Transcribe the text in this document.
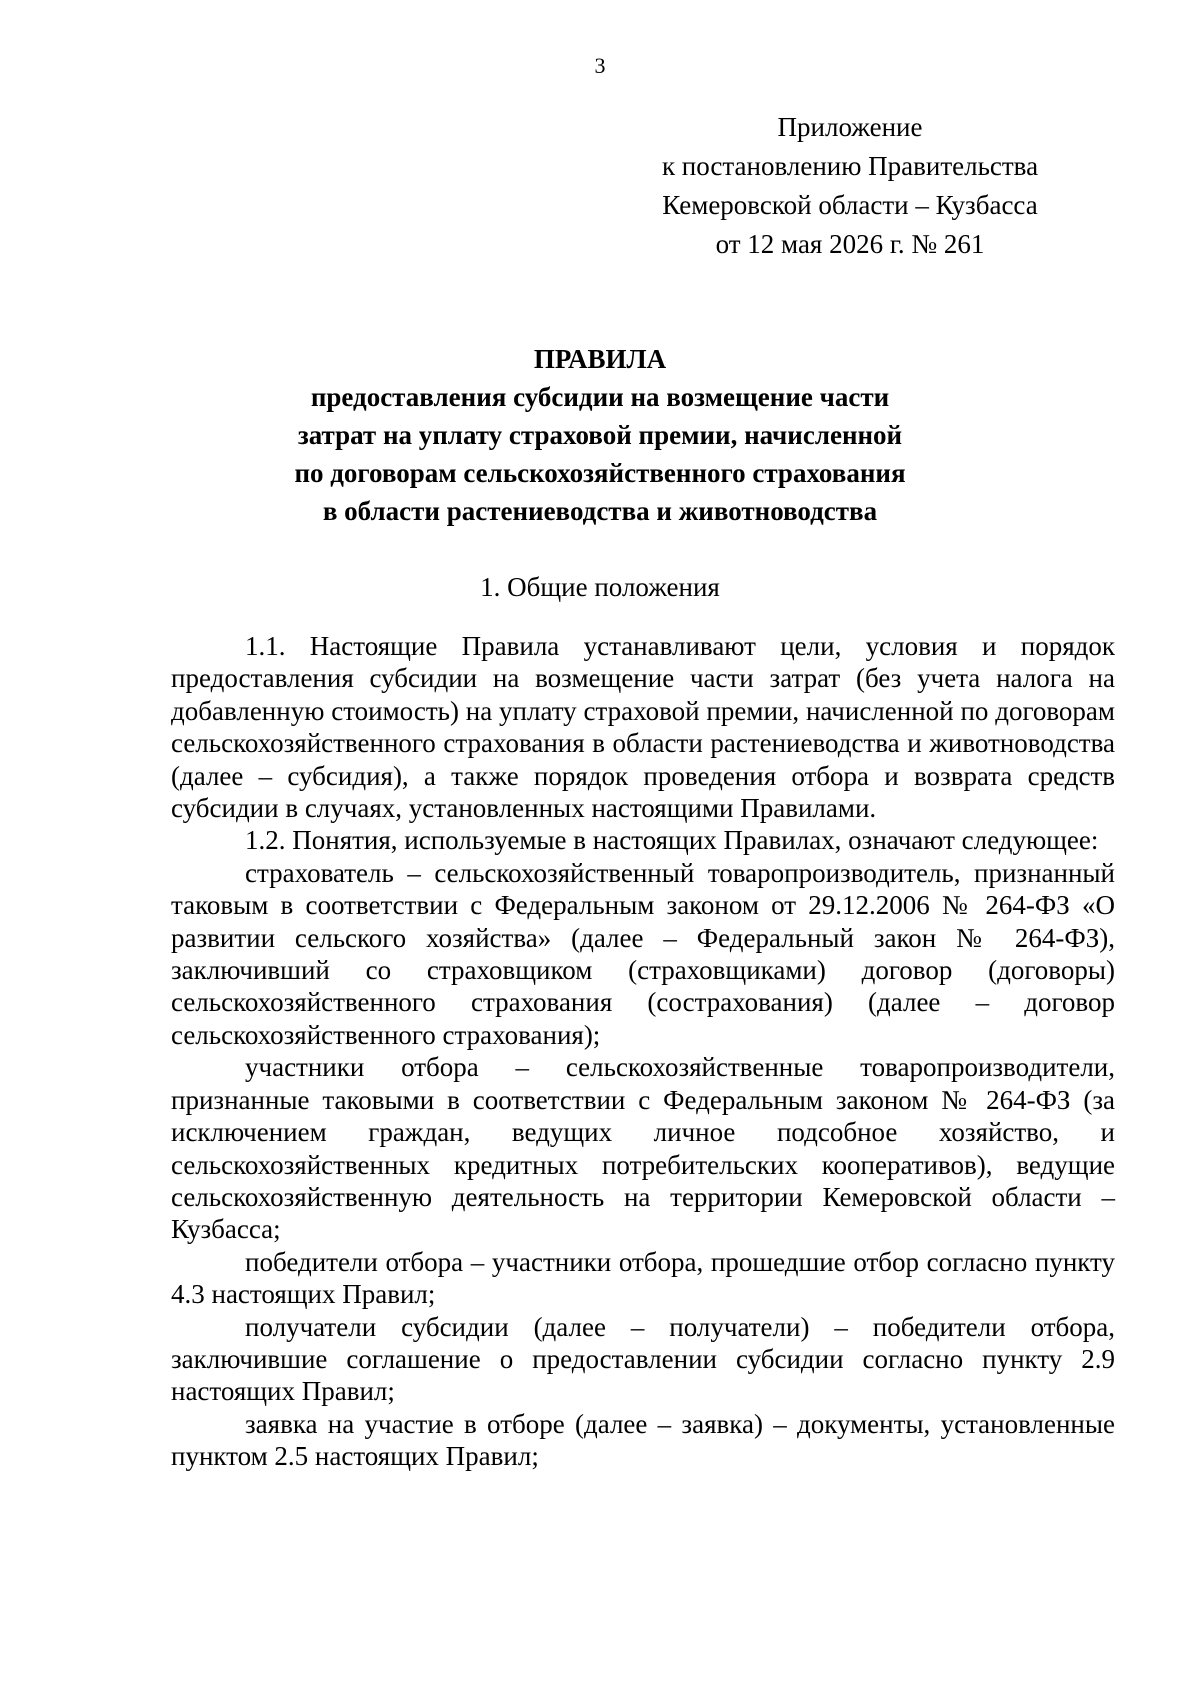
3
Приложение
к постановлению Правительства
Кемеровской области – Кузбасса
от 12 мая 2026 г. № 261
ПРАВИЛА
предоставления субсидии на возмещение части
затрат на уплату страховой премии, начисленной
по договорам сельскохозяйственного страхования
в области растениеводства и животноводства
1. Общие положения

1.1. Настоящие Правила устанавливают цели, условия и порядок предоставления субсидии на возмещение части затрат (без учета налога на добавленную стоимость) на уплату страховой премии, начисленной по договорам сельскохозяйственного страхования в области растениеводства и животноводства (далее – субсидия), а также порядок проведения отбора и возврата средств субсидии в случаях, установленных настоящими Правилами.

1.2. Понятия, используемые в настоящих Правилах, означают следующее:

страхователь – сельскохозяйственный товаропроизводитель, признанный таковым в соответствии с Федеральным законом от 29.12.2006 № 264-ФЗ «О развитии сельского хозяйства» (далее – Федеральный закон № 264-ФЗ), заключивший со страховщиком (страховщиками) договор (договоры) сельскохозяйственного страхования (сострахования) (далее – договор сельскохозяйственного страхования);

участники отбора – сельскохозяйственные товаропроизводители, признанные таковыми в соответствии с Федеральным законом № 264-ФЗ (за исключением граждан, ведущих личное подсобное хозяйство, и сельскохозяйственных кредитных потребительских кооперативов), ведущие сельскохозяйственную деятельность на территории Кемеровской области – Кузбасса;

победители отбора – участники отбора, прошедшие отбор согласно пункту 4.3 настоящих Правил;

получатели субсидии (далее – получатели) – победители отбора, заключившие соглашение о предоставлении субсидии согласно пункту 2.9 настоящих Правил;

заявка на участие в отборе (далее – заявка) – документы, установленные пунктом 2.5 настоящих Правил;
